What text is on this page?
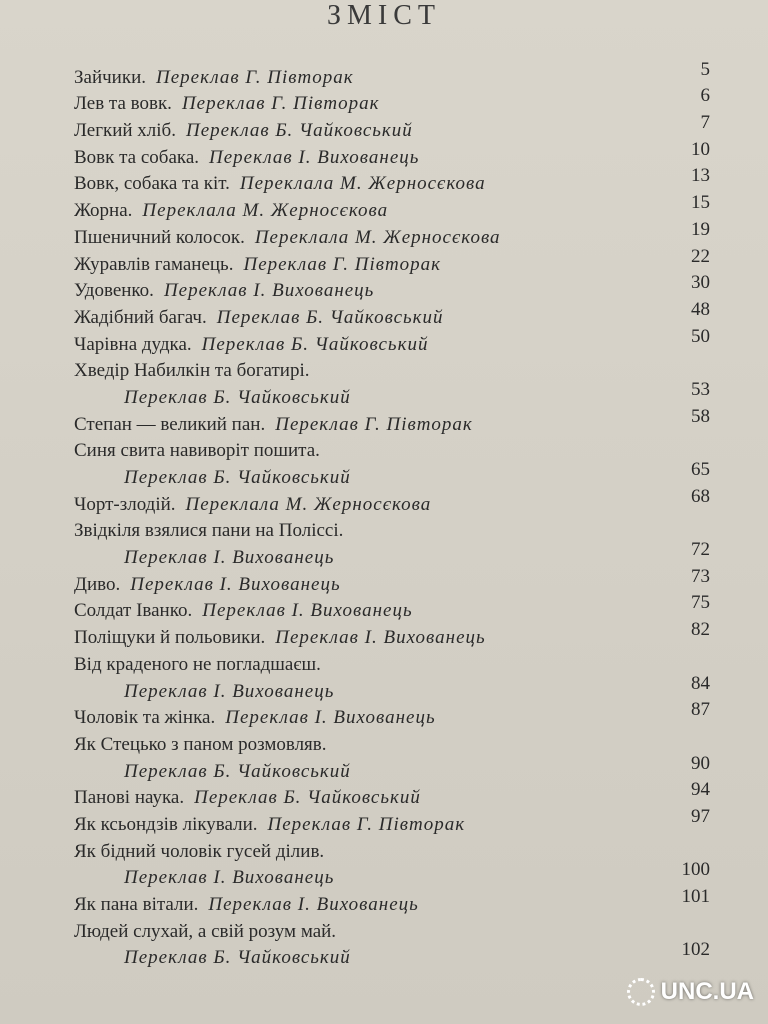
ЗМІСТ
Зайчики. Переклав Г. Півторак	5
Лев та вовк. Переклав Г. Півторак	6
Легкий хліб. Переклав Б. Чайковський	7
Вовк та собака. Переклав І. Вихованець	10
Вовк, собака та кіт. Переклала М. Жерносєкова	13
Жорна. Переклала М. Жерносєкова	15
Пшеничний колосок. Переклала М. Жерносєкова	19
Журавлів гаманець. Переклав Г. Півторак	22
Удовенко. Переклав І. Вихованець	30
Жадібний багач. Переклав Б. Чайковський	48
Чарівна дудка. Переклав Б. Чайковський	50
Хведір Набилкін та богатирі.
Переклав Б. Чайковський	53
Степан — великий пан. Переклав Г. Півторак	58
Синя свита навиворіт пошита.
Переклав Б. Чайковський	65
Чорт-злодій. Переклала М. Жерносєкова	68
Звідкіля взялися пани на Поліссі.
Переклав І. Вихованець	72
Диво. Переклав І. Вихованець	73
Солдат Іванко. Переклав І. Вихованець	75
Поліщуки й польовики. Переклав І. Вихованець	82
Від краденого не погладшаєш.
Переклав І. Вихованець	84
Чоловік та жінка. Переклав І. Вихованець	87
Як Стецько з паном розмовляв.
Переклав Б. Чайковський	90
Панові наука. Переклав Б. Чайковський	94
Як ксьондзів лікували. Переклав Г. Півторак	97
Як бідний чоловік гусей ділив.
Переклав І. Вихованець	100
Як пана вітали. Переклав І. Вихованець	101
Людей слухай, а свій розум май.
Переклав Б. Чайковський	102
UNC.UA
